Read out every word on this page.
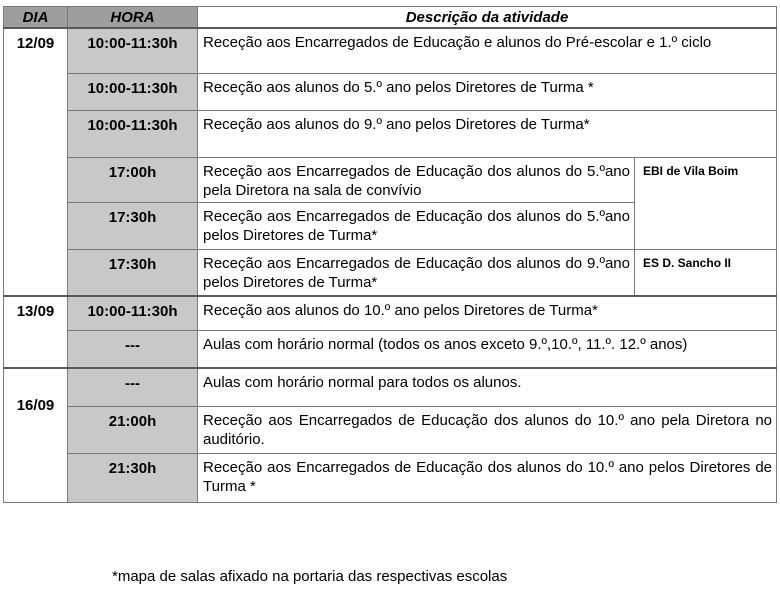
DIA	HORA	Descrição da atividade	
12/09	10:00-11:30h	Receção aos Encarregados de Educação e alunos do Pré-escolar e 1.º ciclo	
	10:00-11:30h	Receção aos alunos do 5.º ano pelos Diretores de Turma *	
	10:00-11:30h	Receção aos alunos do 9.º ano pelos Diretores de Turma*	
	17:00h	Receção aos Encarregados de Educação dos alunos do 5.ºano pela Diretora na sala de convívio	EBI de Vila Boim
	17:30h	Receção aos Encarregados de Educação dos alunos do 5.ºano pelos Diretores de Turma*	
	17:30h	Receção aos Encarregados de Educação dos alunos do 9.ºano pelos Diretores de Turma*	ES D. Sancho II
13/09	10:00-11:30h	Receção aos alunos do 10.º ano pelos Diretores de Turma*	
	---	Aulas com horário normal (todos os anos exceto 9.º,10.º, 11.º. 12.º anos)	
16/09	---	Aulas com horário normal para todos os alunos.	
	21:00h	Receção aos Encarregados de Educação dos alunos do 10.º ano pela Diretora no auditório.	
	21:30h	Receção aos Encarregados de Educação dos alunos do 10.º ano pelos Diretores de Turma *	
*mapa de salas afixado na portaria das respectivas escolas
